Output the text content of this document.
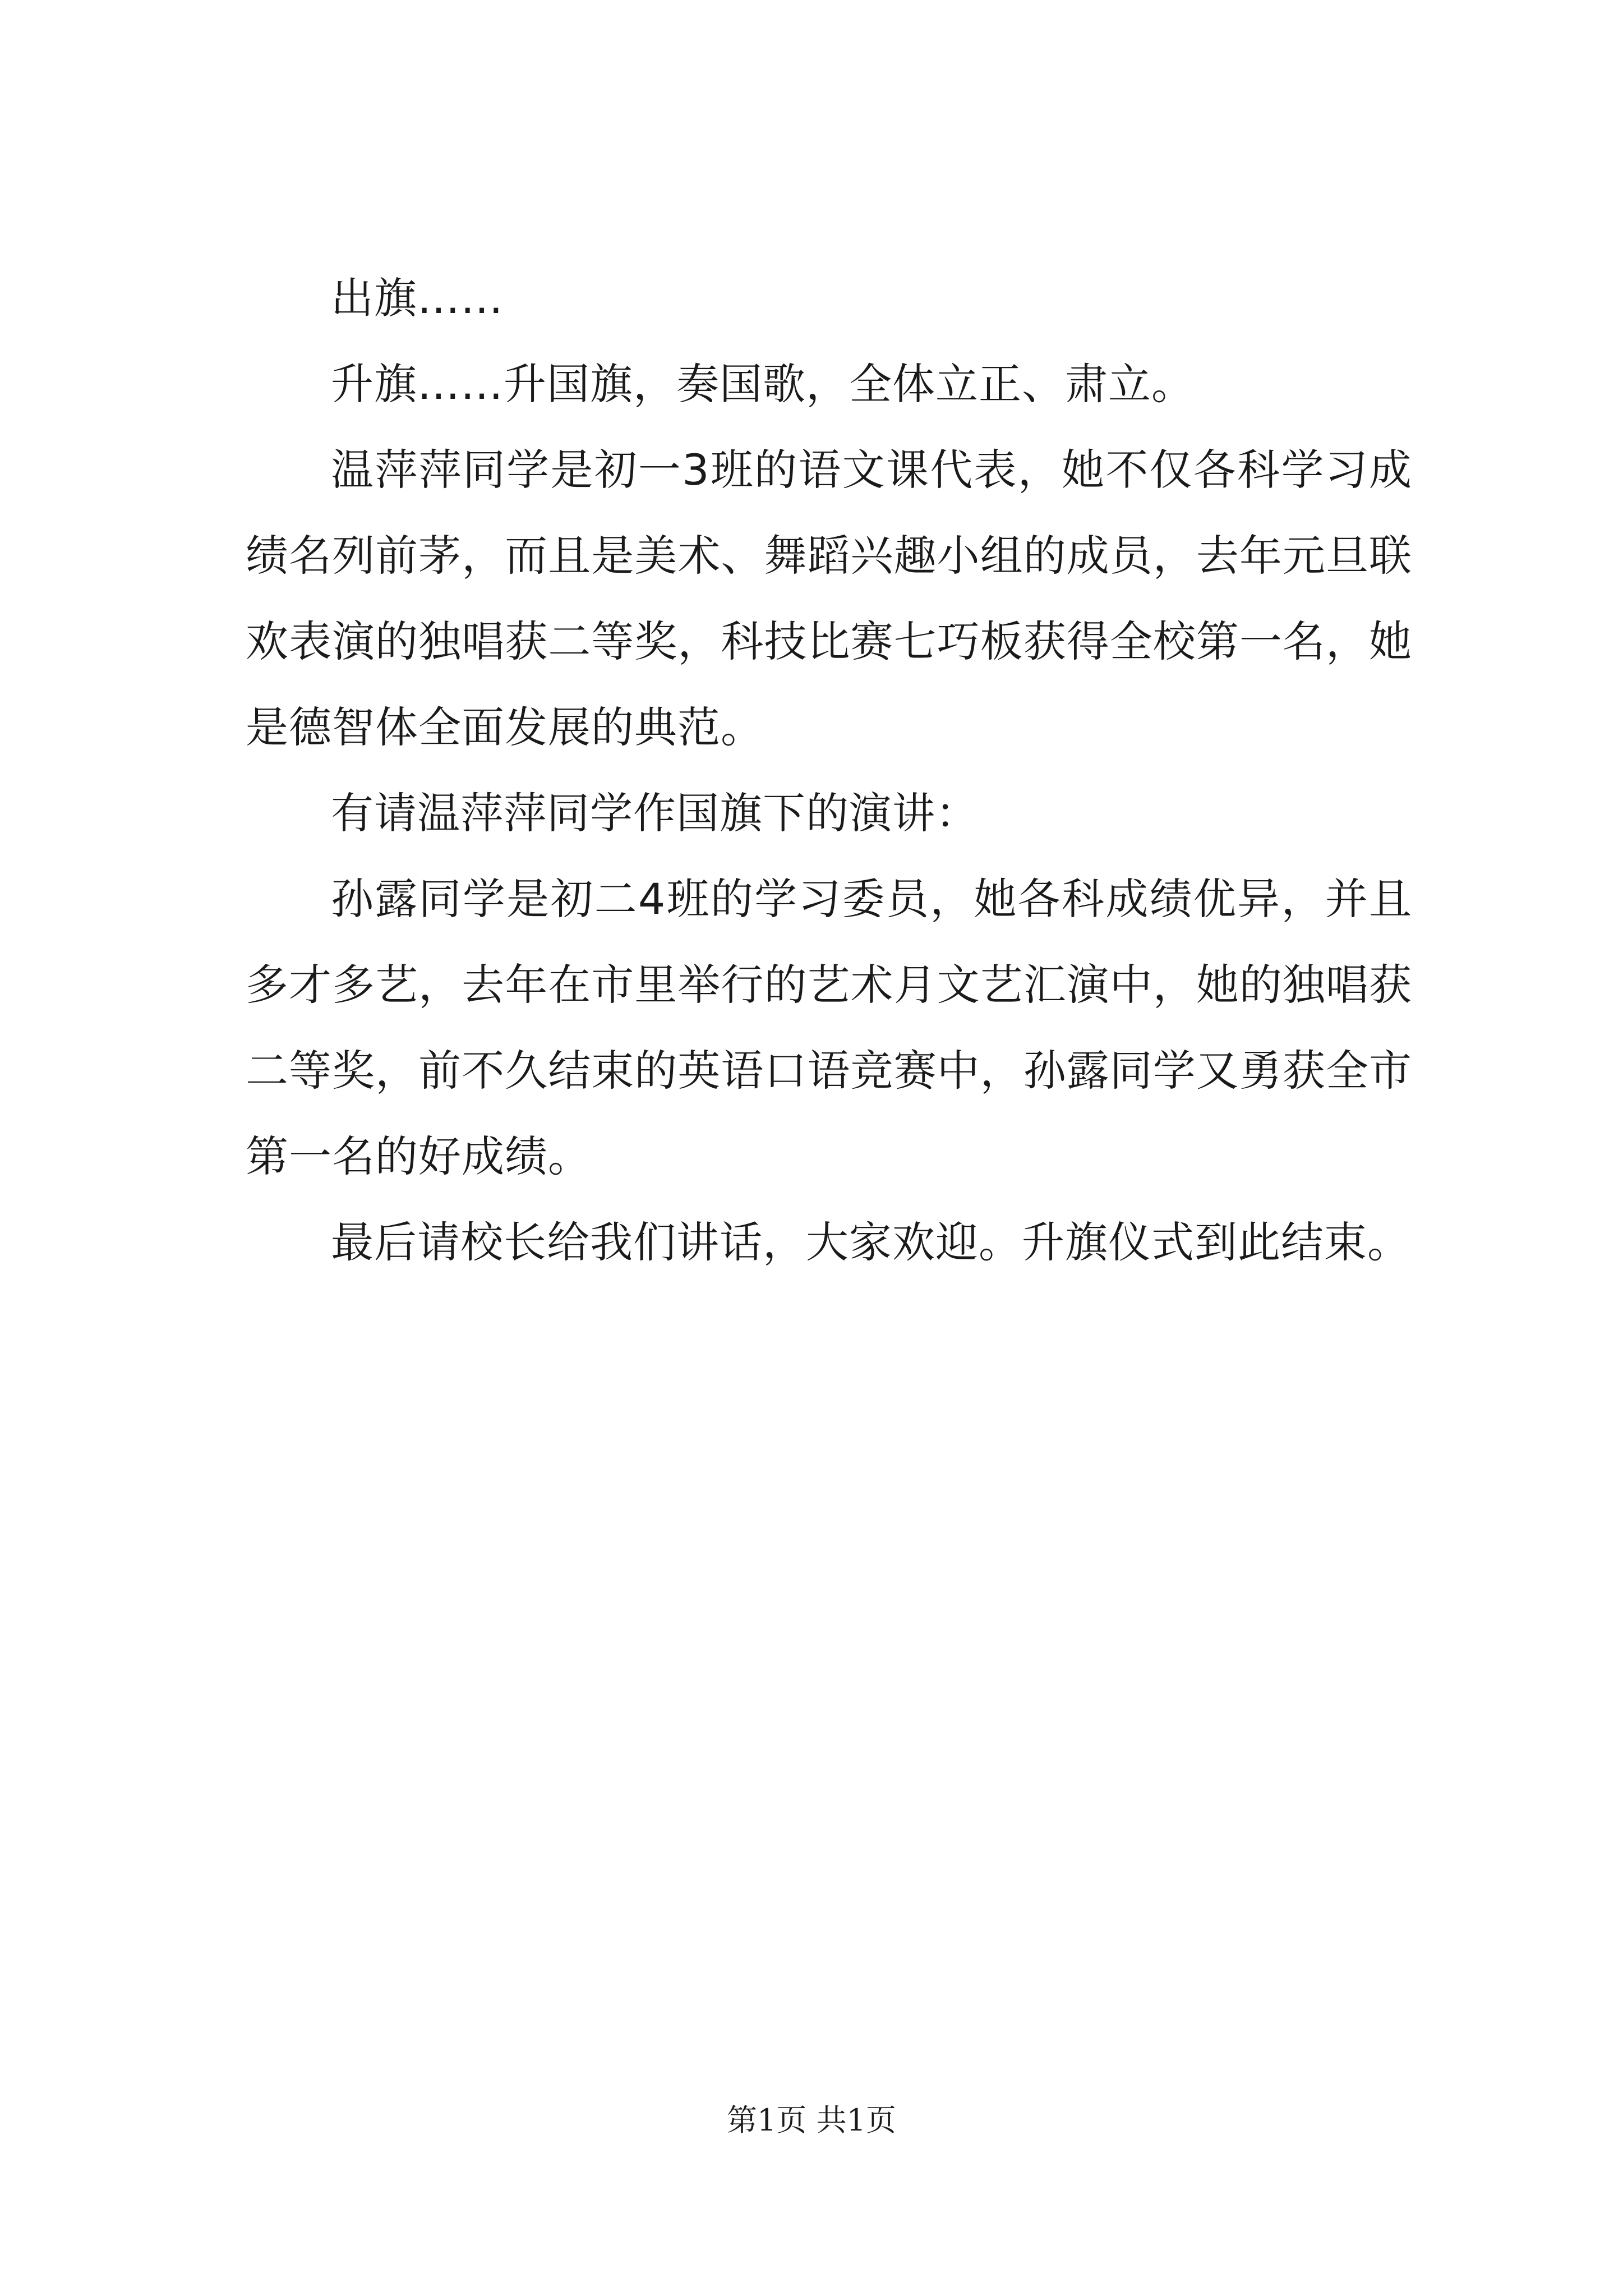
出旗……

升旗……升国旗，奏国歌，全体立正、肃立。

温萍萍同学是初一3班的语文课代表，她不仅各科学习成绩名列前茅，而且是美术、舞蹈兴趣小组的成员，去年元旦联欢表演的独唱获二等奖，科技比赛七巧板获得全校第一名，她是德智体全面发展的典范。

有请温萍萍同学作国旗下的演讲：

孙露同学是初二4班的学习委员，她各科成绩优异，并且多才多艺，去年在市里举行的艺术月文艺汇演中，她的独唱获二等奖，前不久结束的英语口语竞赛中，孙露同学又勇获全市第一名的好成绩。

最后请校长给我们讲话，大家欢迎。升旗仪式到此结束。

第1页 共1页
